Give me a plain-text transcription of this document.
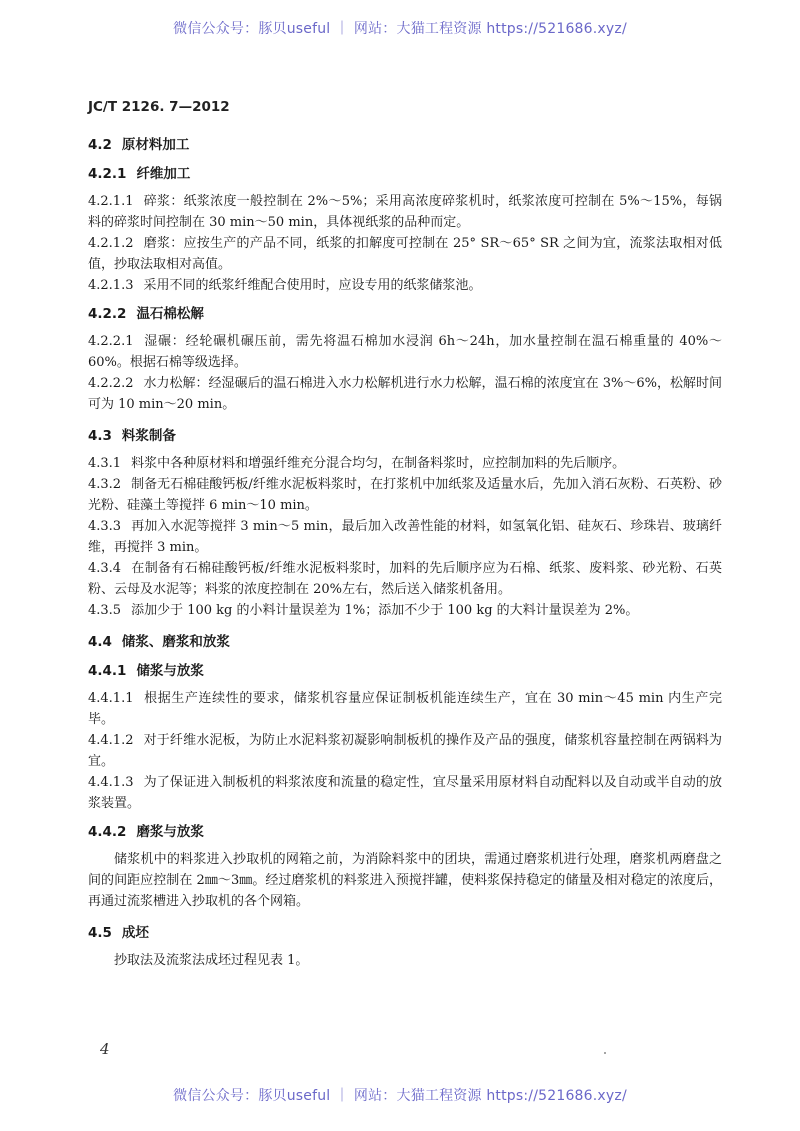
微信公众号：豚贝useful ｜ 网站：大猫工程资源 https://521686.xyz/
JC/T 2126. 7—2012
4.2 原材料加工
4.2.1 纤维加工
4.2.1.1 碎浆：纸浆浓度一般控制在 2%～5%；采用高浓度碎浆机时，纸浆浓度可控制在 5%～15%，每锅料的碎浆时间控制在 30 min～50 min，具体视纸浆的品种而定。
4.2.1.2 磨浆：应按生产的产品不同，纸浆的扣解度可控制在 25° SR～65° SR 之间为宜，流浆法取相对低值，抄取法取相对高值。
4.2.1.3 采用不同的纸浆纤维配合使用时，应设专用的纸浆储浆池。
4.2.2 温石棉松解
4.2.2.1 湿碾：经轮碾机碾压前，需先将温石棉加水浸润 6h～24h，加水量控制在温石棉重量的 40%～60%。根据石棉等级选择。
4.2.2.2 水力松解：经湿碾后的温石棉进入水力松解机进行水力松解，温石棉的浓度宜在 3%～6%，松解时间可为 10 min～20 min。
4.3 料浆制备
4.3.1 料浆中各种原材料和增强纤维充分混合均匀，在制备料浆时，应控制加料的先后顺序。
4.3.2 制备无石棉硅酸钙板/纤维水泥板料浆时，在打浆机中加纸浆及适量水后，先加入消石灰粉、石英粉、砂光粉、硅藻土等搅拌 6 min～10 min。
4.3.3 再加入水泥等搅拌 3 min～5 min，最后加入改善性能的材料，如氢氧化铝、硅灰石、珍珠岩、玻璃纤维，再搅拌 3 min。
4.3.4 在制备有石棉硅酸钙板/纤维水泥板料浆时，加料的先后顺序应为石棉、纸浆、废料浆、砂光粉、石英粉、云母及水泥等；料浆的浓度控制在 20%左右，然后送入储浆机备用。
4.3.5 添加少于 100 kg 的小料计量误差为 1%；添加不少于 100 kg 的大料计量误差为 2%。
4.4 储浆、磨浆和放浆
4.4.1 储浆与放浆
4.4.1.1 根据生产连续性的要求，储浆机容量应保证制板机能连续生产，宜在 30 min～45 min 内生产完毕。
4.4.1.2 对于纤维水泥板，为防止水泥料浆初凝影响制板机的操作及产品的强度，储浆机容量控制在两锅料为宜。
4.4.1.3 为了保证进入制板机的料浆浓度和流量的稳定性，宜尽量采用原材料自动配料以及自动或半自动的放浆装置。
4.4.2 磨浆与放浆
储浆机中的料浆进入抄取机的网箱之前，为消除料浆中的团块，需通过磨浆机进行处理，磨浆机两磨盘之间的间距应控制在 2㎜～3㎜。经过磨浆机的料浆进入预搅拌罐，使料浆保持稳定的储量及相对稳定的浓度后，再通过流浆槽进入抄取机的各个网箱。
4.5 成坯
抄取法及流浆法成坯过程见表 1。
4
微信公众号：豚贝useful ｜ 网站：大猫工程资源 https://521686.xyz/
